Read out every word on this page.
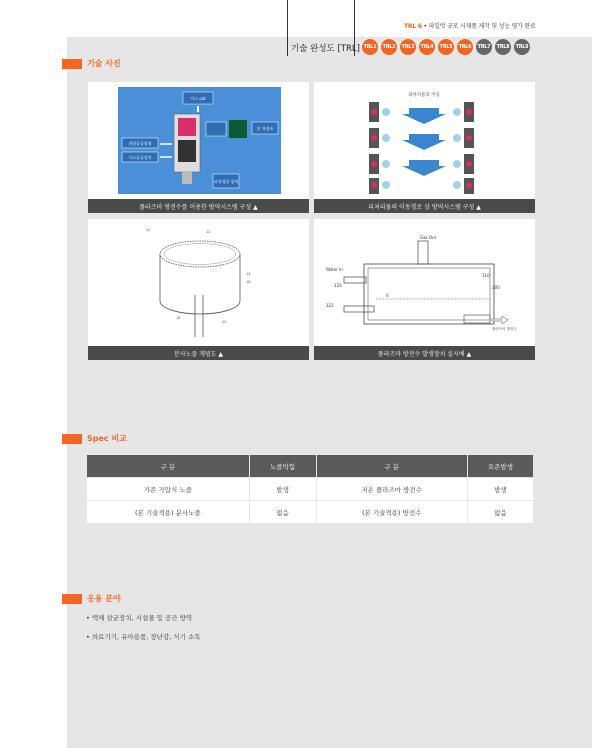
TRL 6 • 파일럿 규모 시제품 제작 및 성능 평가 완료
기술 완성도 [TRL] TRL1	TRL2	TRL3	TRL4	TRL5	TRL6	TRL7	TRL8	TRL9
기술 사진
가스 out
물 저장조
전원공급장치
가스공급장치
피처리물 장치
플라즈마 방전수를 이용한 방역시스템 구성 ▲
피처리물의 이동
피처리물의 이동경로 상 방역시스템 구성 ▲
10	12
14
16
18
20
분사노즐 개념도 ▲
Gas Out
Water In
120
122
110
300
d
플라즈마 방전수
플라즈마 방전수 발생장치 실시예 ▲
Spec 비교
구 분	노즐막힘	구 분	오존발생
기존 가압식 노즐	발생	저온 플라즈마 방전수	발생
(본 기술적용) 분사노즐	없음	(본 기술적용) 방전수	없음
응용 분야
• 액체 살균장치, 시설물 및 공간 방역
• 의료기기, 유아용품, 장난감, 식기 소독
